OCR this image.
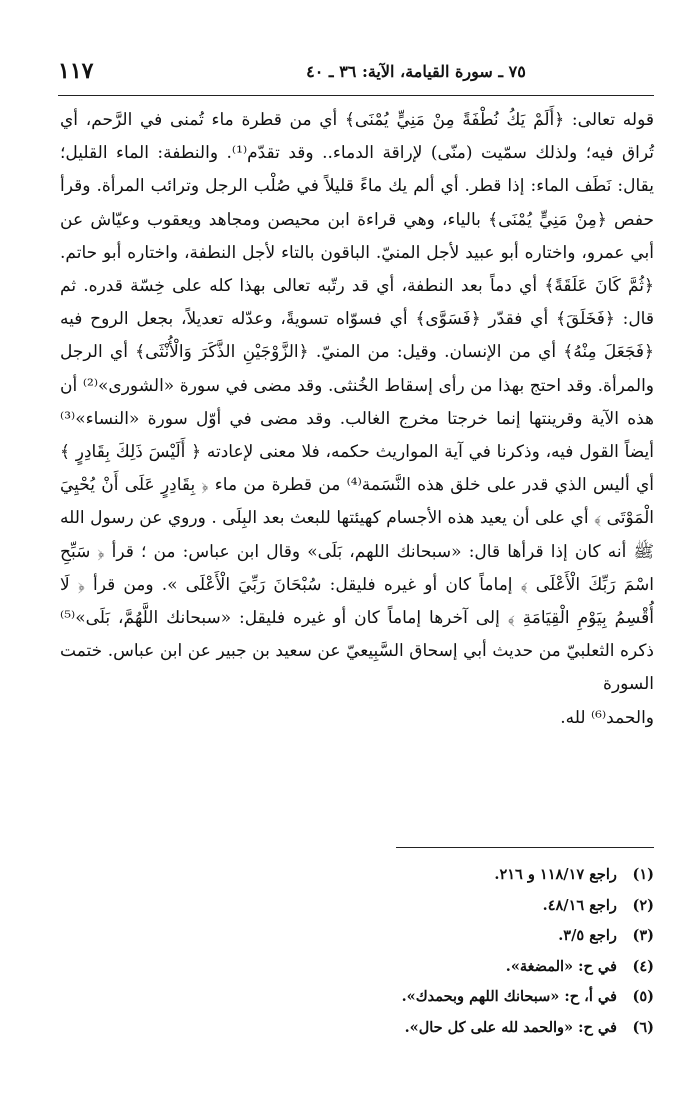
٧٥ ـ سورة القيامة، الآية: ٣٦ ـ ٤٠
١١٧

قوله تعالى: ﴿أَلَمْ يَكُ نُطْفَةً مِنْ مَنِيٍّ يُمْنَى﴾ أي من قطرة ماء تُمنى في الرَّحم، أي تُراق فيه؛ ولذلك سمّيت (منّى) لإراقة الدماء.. وقد تقدّم⁽¹⁾. والنطفة: الماء القليل؛ يقال: نَطَف الماء: إذا قطر. أي ألم يك ماءً قليلاً في صُلْب الرجل وترائب المرأة. وقرأ حفص ﴿مِنْ مَنِيٍّ يُمْنَى﴾ بالياء، وهي قراءة ابن محيصن ومجاهد ويعقوب وعيّاش عن أبي عمرو، واختاره أبو عبيد لأجل المنيّ. الباقون بالتاء لأجل النطفة، واختاره أبو حاتم. ﴿ثُمَّ كَانَ عَلَقَةً﴾ أي دماً بعد النطفة، أي قد رتّبه تعالى بهذا كله على خِسّة قدره. ثم قال: ﴿فَخَلَقَ﴾ أي فقدّر ﴿فَسَوَّى﴾ أي فسوّاه تسويةً، وعدّله تعديلاً، بجعل الروح فيه ﴿فَجَعَلَ مِنْهُ﴾ أي من الإنسان. وقيل: من المنيّ. ﴿الزَّوْجَيْنِ الذَّكَرَ وَالْأُنْثَى﴾ أي الرجل والمرأة. وقد احتج بهذا من رأى إسقاط الخُنثى. وقد مضى في سورة «الشورى»⁽²⁾ أن هذه الآية وقرينتها إنما خرجتا مخرج الغالب. وقد مضى في أوّل سورة «النساء»⁽³⁾ أيضاً القول فيه، وذكرنا في آية المواريث حكمه، فلا معنى لإعادته ﴿ أَلَيْسَ ذَلِكَ بِقَادِرٍ ﴾ أي أليس الذي قدر على خلق هذه النَّسَمة⁽⁴⁾ من قطرة من ماء ﴿ بِقَادِرٍ عَلَى أَنْ يُحْيِيَ الْمَوْتَى ﴾ أي على أن يعيد هذه الأجسام كهيئتها للبعث بعد البِلَى . وروي عن رسول الله ﷺ أنه كان إذا قرأها قال: «سبحانك اللهم، بَلَى» وقال ابن عباس: من ؛ قرأ ﴿ سَبِّحِ اسْمَ رَبِّكَ الْأَعْلَى ﴾ إماماً كان أو غيره فليقل: سُبْحَانَ رَبِّيَ الْأَعْلَى ». ومن قرأ ﴿ لَا أُقْسِمُ بِيَوْمِ الْقِيَامَةِ ﴾ إلى آخرها إماماً كان أو غيره فليقل: «سبحانك اللَّهُمَّ، بَلَى»⁽⁵⁾ ذكره الثعلبيّ من حديث أبي إسحاق السَّبِيعيّ عن سعيد بن جبير عن ابن عباس. ختمت السورة

والحمد⁽⁶⁾ لله.

(١) راجع ١١٨/١٧ و ٢١٦.
(٢) راجع ٤٨/١٦.
(٣) راجع ٣/٥.
(٤) في ح: «المضغة».
(٥) في أ، ح: «سبحانك اللهم وبحمدك».
(٦) في ح: «والحمد لله على كل حال».
